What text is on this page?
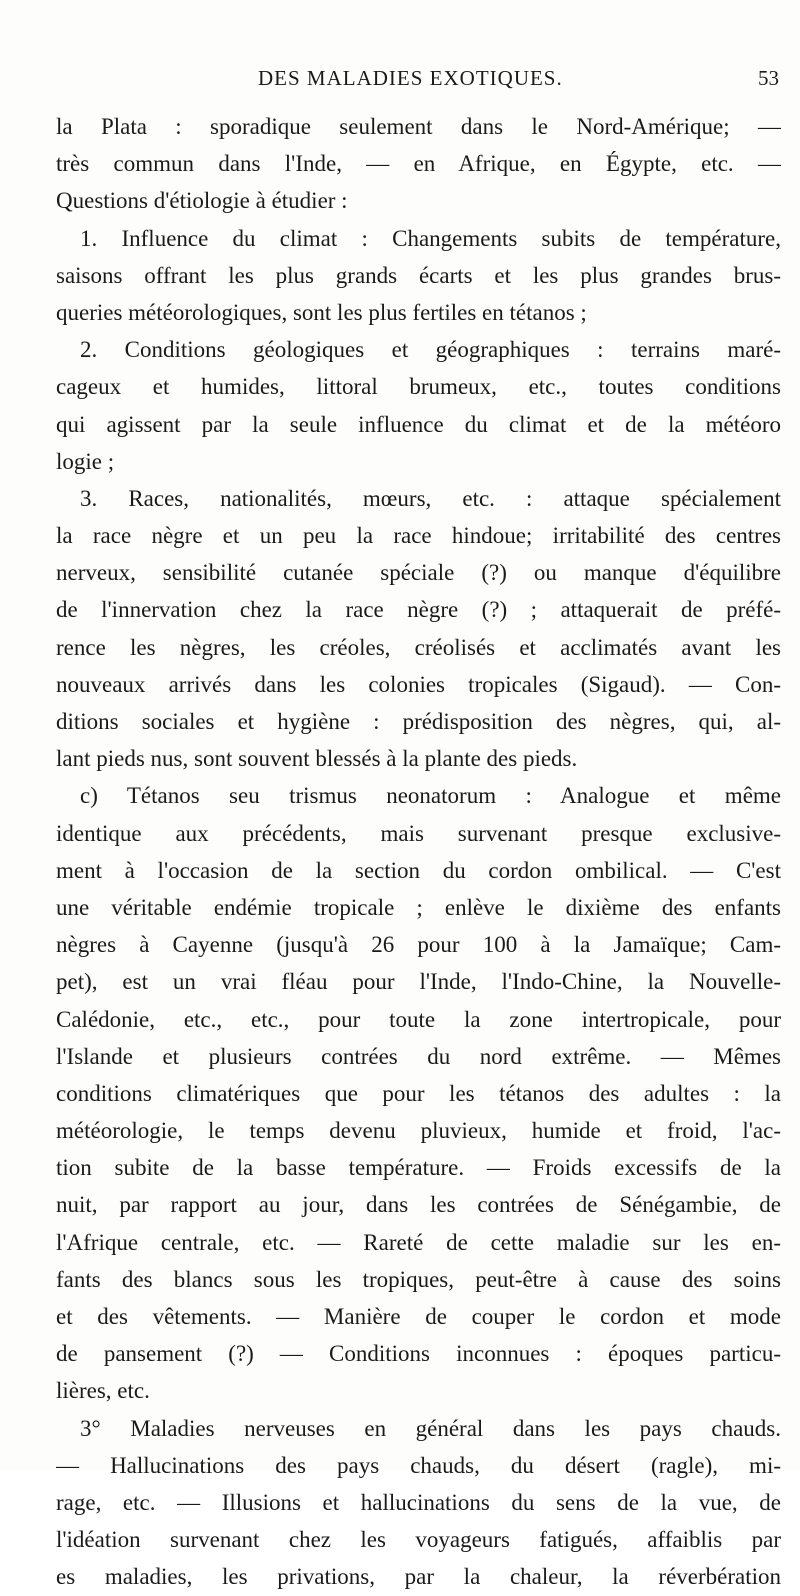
DES MALADIES EXOTIQUES.	53
la Plata : sporadique seulement dans le Nord-Amérique; —
très commun dans l'Inde, — en Afrique, en Égypte, etc. —
Questions d'étiologie à étudier :
1. Influence du climat : Changements subits de température,
saisons offrant les plus grands écarts et les plus grandes brus-
queries météorologiques, sont les plus fertiles en tétanos ;
2. Conditions géologiques et géographiques : terrains maré-
cageux et humides, littoral brumeux, etc., toutes conditions
qui agissent par la seule influence du climat et de la météoro
logie ;
3. Races, nationalités, mœurs, etc. : attaque spécialement
la race nègre et un peu la race hindoue; irritabilité des centres
nerveux, sensibilité cutanée spéciale (?) ou manque d'équilibre
de l'innervation chez la race nègre (?) ; attaquerait de préfé-
rence les nègres, les créoles, créolisés et acclimatés avant les
nouveaux arrivés dans les colonies tropicales (Sigaud). — Con-
ditions sociales et hygiène : prédisposition des nègres, qui, al-
lant pieds nus, sont souvent blessés à la plante des pieds.
c) Tétanos seu trismus neonatorum : Analogue et même
identique aux précédents, mais survenant presque exclusive-
ment à l'occasion de la section du cordon ombilical. — C'est
une véritable endémie tropicale ; enlève le dixième des enfants
nègres à Cayenne (jusqu'à 26 pour 100 à la Jamaïque; Cam-
pet), est un vrai fléau pour l'Inde, l'Indo-Chine, la Nouvelle-
Calédonie, etc., etc., pour toute la zone intertropicale, pour
l'Islande et plusieurs contrées du nord extrême. — Mêmes
conditions climatériques que pour les tétanos des adultes : la
météorologie, le temps devenu pluvieux, humide et froid, l'ac-
tion subite de la basse température. — Froids excessifs de la
nuit, par rapport au jour, dans les contrées de Sénégambie, de
l'Afrique centrale, etc. — Rareté de cette maladie sur les en-
fants des blancs sous les tropiques, peut-être à cause des soins
et des vêtements. — Manière de couper le cordon et mode
de pansement (?) — Conditions inconnues : époques particu-
lières, etc.
3° Maladies nerveuses en général dans les pays chauds.
— Hallucinations des pays chauds, du désert (ragle), mi-
rage, etc. — Illusions et hallucinations du sens de la vue, de
l'idéation survenant chez les voyageurs fatigués, affaiblis par
es maladies, les privations, par la chaleur, la réverbération
